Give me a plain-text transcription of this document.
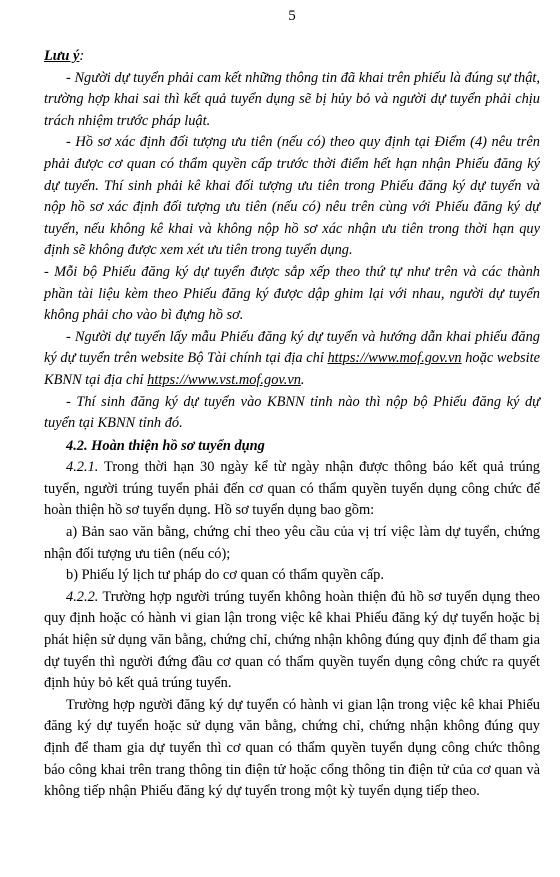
5

Lưu ý:

- Người dự tuyển phải cam kết những thông tin đã khai trên phiếu là đúng sự thật, trường hợp khai sai thì kết quả tuyển dụng sẽ bị hủy bỏ và người dự tuyển phải chịu trách nhiệm trước pháp luật.

- Hồ sơ xác định đối tượng ưu tiên (nếu có) theo quy định tại Điểm (4) nêu trên phải được cơ quan có thẩm quyền cấp trước thời điểm hết hạn nhận Phiếu đăng ký dự tuyển. Thí sinh phải kê khai đối tượng ưu tiên trong Phiếu đăng ký dự tuyển và nộp hồ sơ xác định đối tượng ưu tiên (nếu có) nêu trên cùng với Phiếu đăng ký dự tuyển, nếu không kê khai và không nộp hồ sơ xác nhận ưu tiên trong thời hạn quy định sẽ không được xem xét ưu tiên trong tuyển dụng.

- Mỗi bộ Phiếu đăng ký dự tuyển được sắp xếp theo thứ tự như trên và các thành phần tài liệu kèm theo Phiếu đăng ký được dập ghim lại với nhau, người dự tuyển không phải cho vào bì đựng hồ sơ.

- Người dự tuyển lấy mẫu Phiếu đăng ký dự tuyển và hướng dẫn khai phiếu đăng ký dự tuyển trên website Bộ Tài chính tại địa chỉ https://www.mof.gov.vn hoặc website KBNN tại địa chỉ https://www.vst.mof.gov.vn.

- Thí sinh đăng ký dự tuyển vào KBNN tỉnh nào thì nộp bộ Phiếu đăng ký dự tuyển tại KBNN tỉnh đó.

4.2. Hoàn thiện hồ sơ tuyển dụng

4.2.1. Trong thời hạn 30 ngày kể từ ngày nhận được thông báo kết quả trúng tuyển, người trúng tuyển phải đến cơ quan có thẩm quyền tuyển dụng công chức để hoàn thiện hồ sơ tuyển dụng. Hồ sơ tuyển dụng bao gồm:

a) Bản sao văn bằng, chứng chỉ theo yêu cầu của vị trí việc làm dự tuyển, chứng nhận đối tượng ưu tiên (nếu có);

b) Phiếu lý lịch tư pháp do cơ quan có thẩm quyền cấp.

4.2.2. Trường hợp người trúng tuyển không hoàn thiện đủ hồ sơ tuyển dụng theo quy định hoặc có hành vi gian lận trong việc kê khai Phiếu đăng ký dự tuyển hoặc bị phát hiện sử dụng văn bằng, chứng chỉ, chứng nhận không đúng quy định để tham gia dự tuyển thì người đứng đầu cơ quan có thẩm quyền tuyển dụng công chức ra quyết định hủy bỏ kết quả trúng tuyển.

Trường hợp người đăng ký dự tuyển có hành vi gian lận trong việc kê khai Phiếu đăng ký dự tuyển hoặc sử dụng văn bằng, chứng chỉ, chứng nhận không đúng quy định để tham gia dự tuyển thì cơ quan có thẩm quyền tuyển dụng công chức thông báo công khai trên trang thông tin điện tử hoặc cổng thông tin điện tử của cơ quan và không tiếp nhận Phiếu đăng ký dự tuyển trong một kỳ tuyển dụng tiếp theo.
